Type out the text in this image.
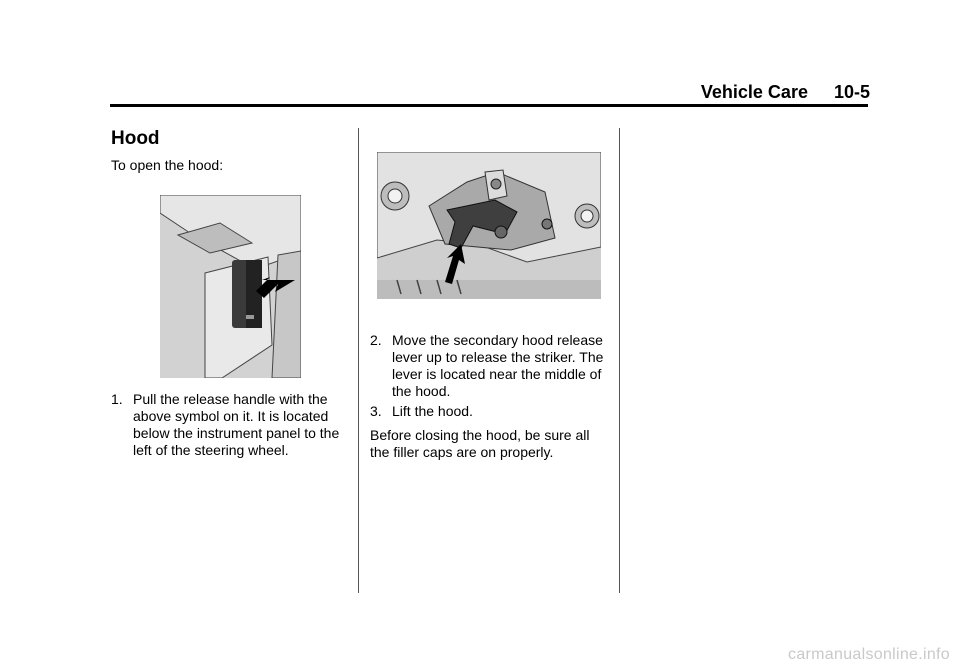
Vehicle Care 10-5
Hood
To open the hood:
1. Pull the release handle with the above symbol on it. It is located below the instrument panel to the left of the steering wheel.
2. Move the secondary hood release lever up to release the striker. The lever is located near the middle of the hood.
3. Lift the hood.
Before closing the hood, be sure all the filler caps are on properly.
carmanualsonline.info
